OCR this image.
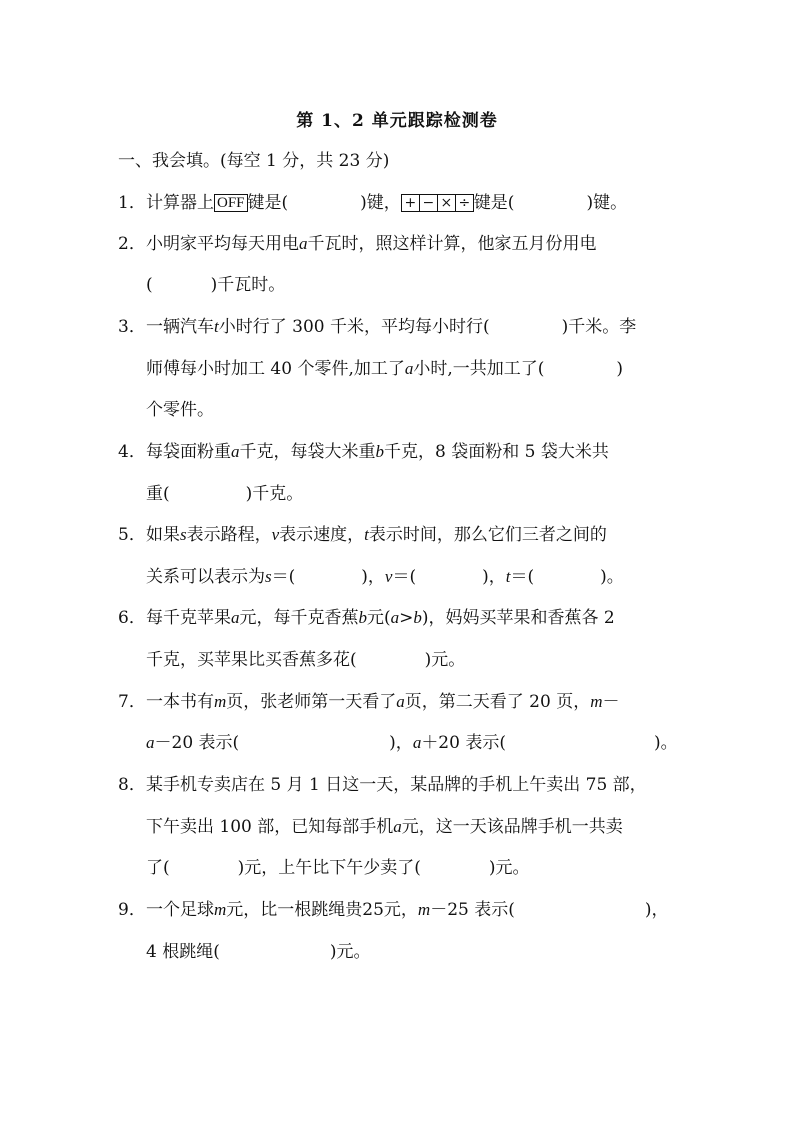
第 1、2 单元跟踪检测卷
一、我会填。(每空 1 分，共 23 分)
1．计算器上 OFF 键是(	)键， + − × ÷ 键是(	)键。
2．小明家平均每天用电a千瓦时，照这样计算，他家五月份用电
(	)千瓦时。
3．一辆汽车t小时行了 300 千米，平均每小时行(	)千米。李
师傅每小时加工 40 个零件,加工了a小时,一共加工了(	)
个零件。
4．每袋面粉重a千克，每袋大米重b千克，8 袋面粉和 5 袋大米共
重(	)千克。
5．如果s表示路程，v表示速度，t表示时间，那么它们三者之间的
关系可以表示为s＝(	)，v＝(	)，t＝(	)。
6．每千克苹果a元，每千克香蕉b元(a>b)，妈妈买苹果和香蕉各 2
千克，买苹果比买香蕉多花(	)元。
7．一本书有m页，张老师第一天看了a页，第二天看了 20 页，m－
a－20 表示(	)，a＋20 表示(	)。
8．某手机专卖店在 5 月 1 日这一天，某品牌的手机上午卖出 75 部，
下午卖出 100 部，已知每部手机a元，这一天该品牌手机一共卖
了(	)元，上午比下午少卖了(	)元。
9．一个足球m元，比一根跳绳贵25元，m－25 表示(	)，
4 根跳绳(	)元。
